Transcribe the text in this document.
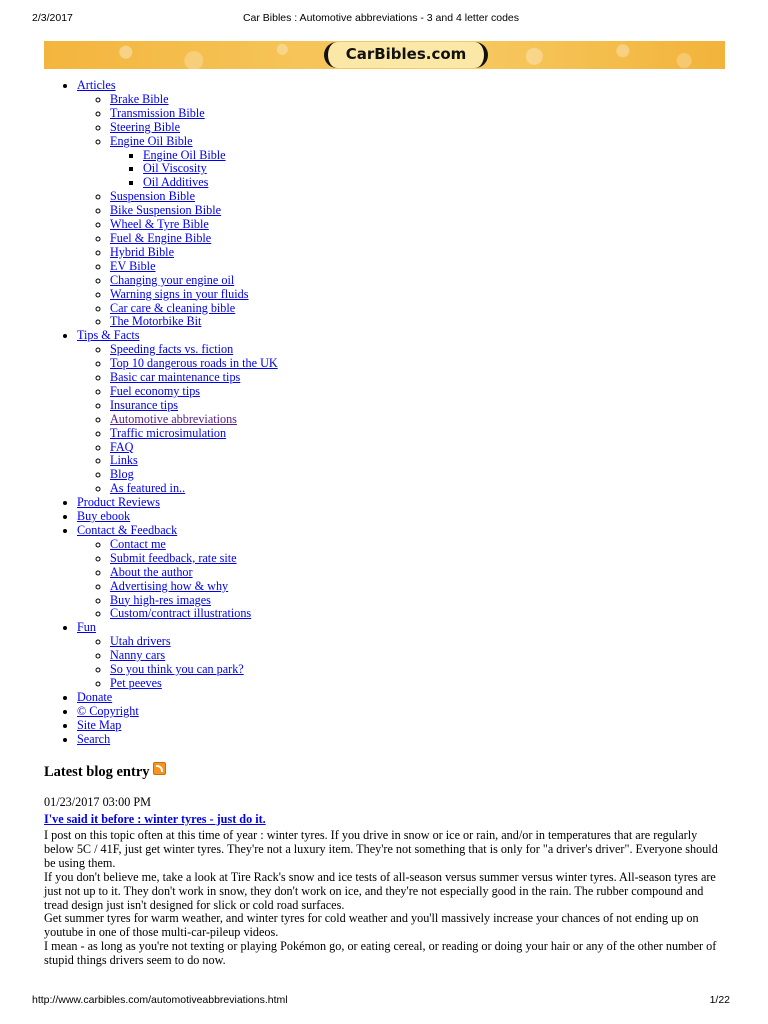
2/3/2017	Car Bibles : Automotive abbreviations - 3 and 4 letter codes
CarBibles.com
• Articles
◦ Brake Bible
◦ Transmission Bible
◦ Steering Bible
◦ Engine Oil Bible
▪ Engine Oil Bible
▪ Oil Viscosity
▪ Oil Additives
◦ Suspension Bible
◦ Bike Suspension Bible
◦ Wheel & Tyre Bible
◦ Fuel & Engine Bible
◦ Hybrid Bible
◦ EV Bible
◦ Changing your engine oil
◦ Warning signs in your fluids
◦ Car care & cleaning bible
◦ The Motorbike Bit
• Tips & Facts
◦ Speeding facts vs. fiction
◦ Top 10 dangerous roads in the UK
◦ Basic car maintenance tips
◦ Fuel economy tips
◦ Insurance tips
◦ Automotive abbreviations
◦ Traffic microsimulation
◦ FAQ
◦ Links
◦ Blog
◦ As featured in..
• Product Reviews
• Buy ebook
• Contact & Feedback
◦ Contact me
◦ Submit feedback, rate site
◦ About the author
◦ Advertising how & why
◦ Buy high-res images
◦ Custom/contract illustrations
• Fun
◦ Utah drivers
◦ Nanny cars
◦ So you think you can park?
◦ Pet peeves
• Donate
• © Copyright
• Site Map
• Search
Latest blog entry
01/23/2017 03:00 PM
I've said it before : winter tyres - just do it.

I post on this topic often at this time of year : winter tyres. If you drive in snow or ice or rain, and/or in temperatures that are regularly below 5C / 41F, just get winter tyres. They're not a luxury item. They're not something that is only for "a driver's driver". Everyone should be using them.

If you don't believe me, take a look at Tire Rack's snow and ice tests of all-season versus summer versus winter tyres. All-season tyres are just not up to it. They don't work in snow, they don't work on ice, and they're not especially good in the rain. The rubber compound and tread design just isn't designed for slick or cold road surfaces.

Get summer tyres for warm weather, and winter tyres for cold weather and you'll massively increase your chances of not ending up on youtube in one of those multi-car-pileup videos.

I mean - as long as you're not texting or playing Pokémon go, or eating cereal, or reading or doing your hair or any of the other number of stupid things drivers seem to do now.

http://www.carbibles.com/automotiveabbreviations.html	1/22
